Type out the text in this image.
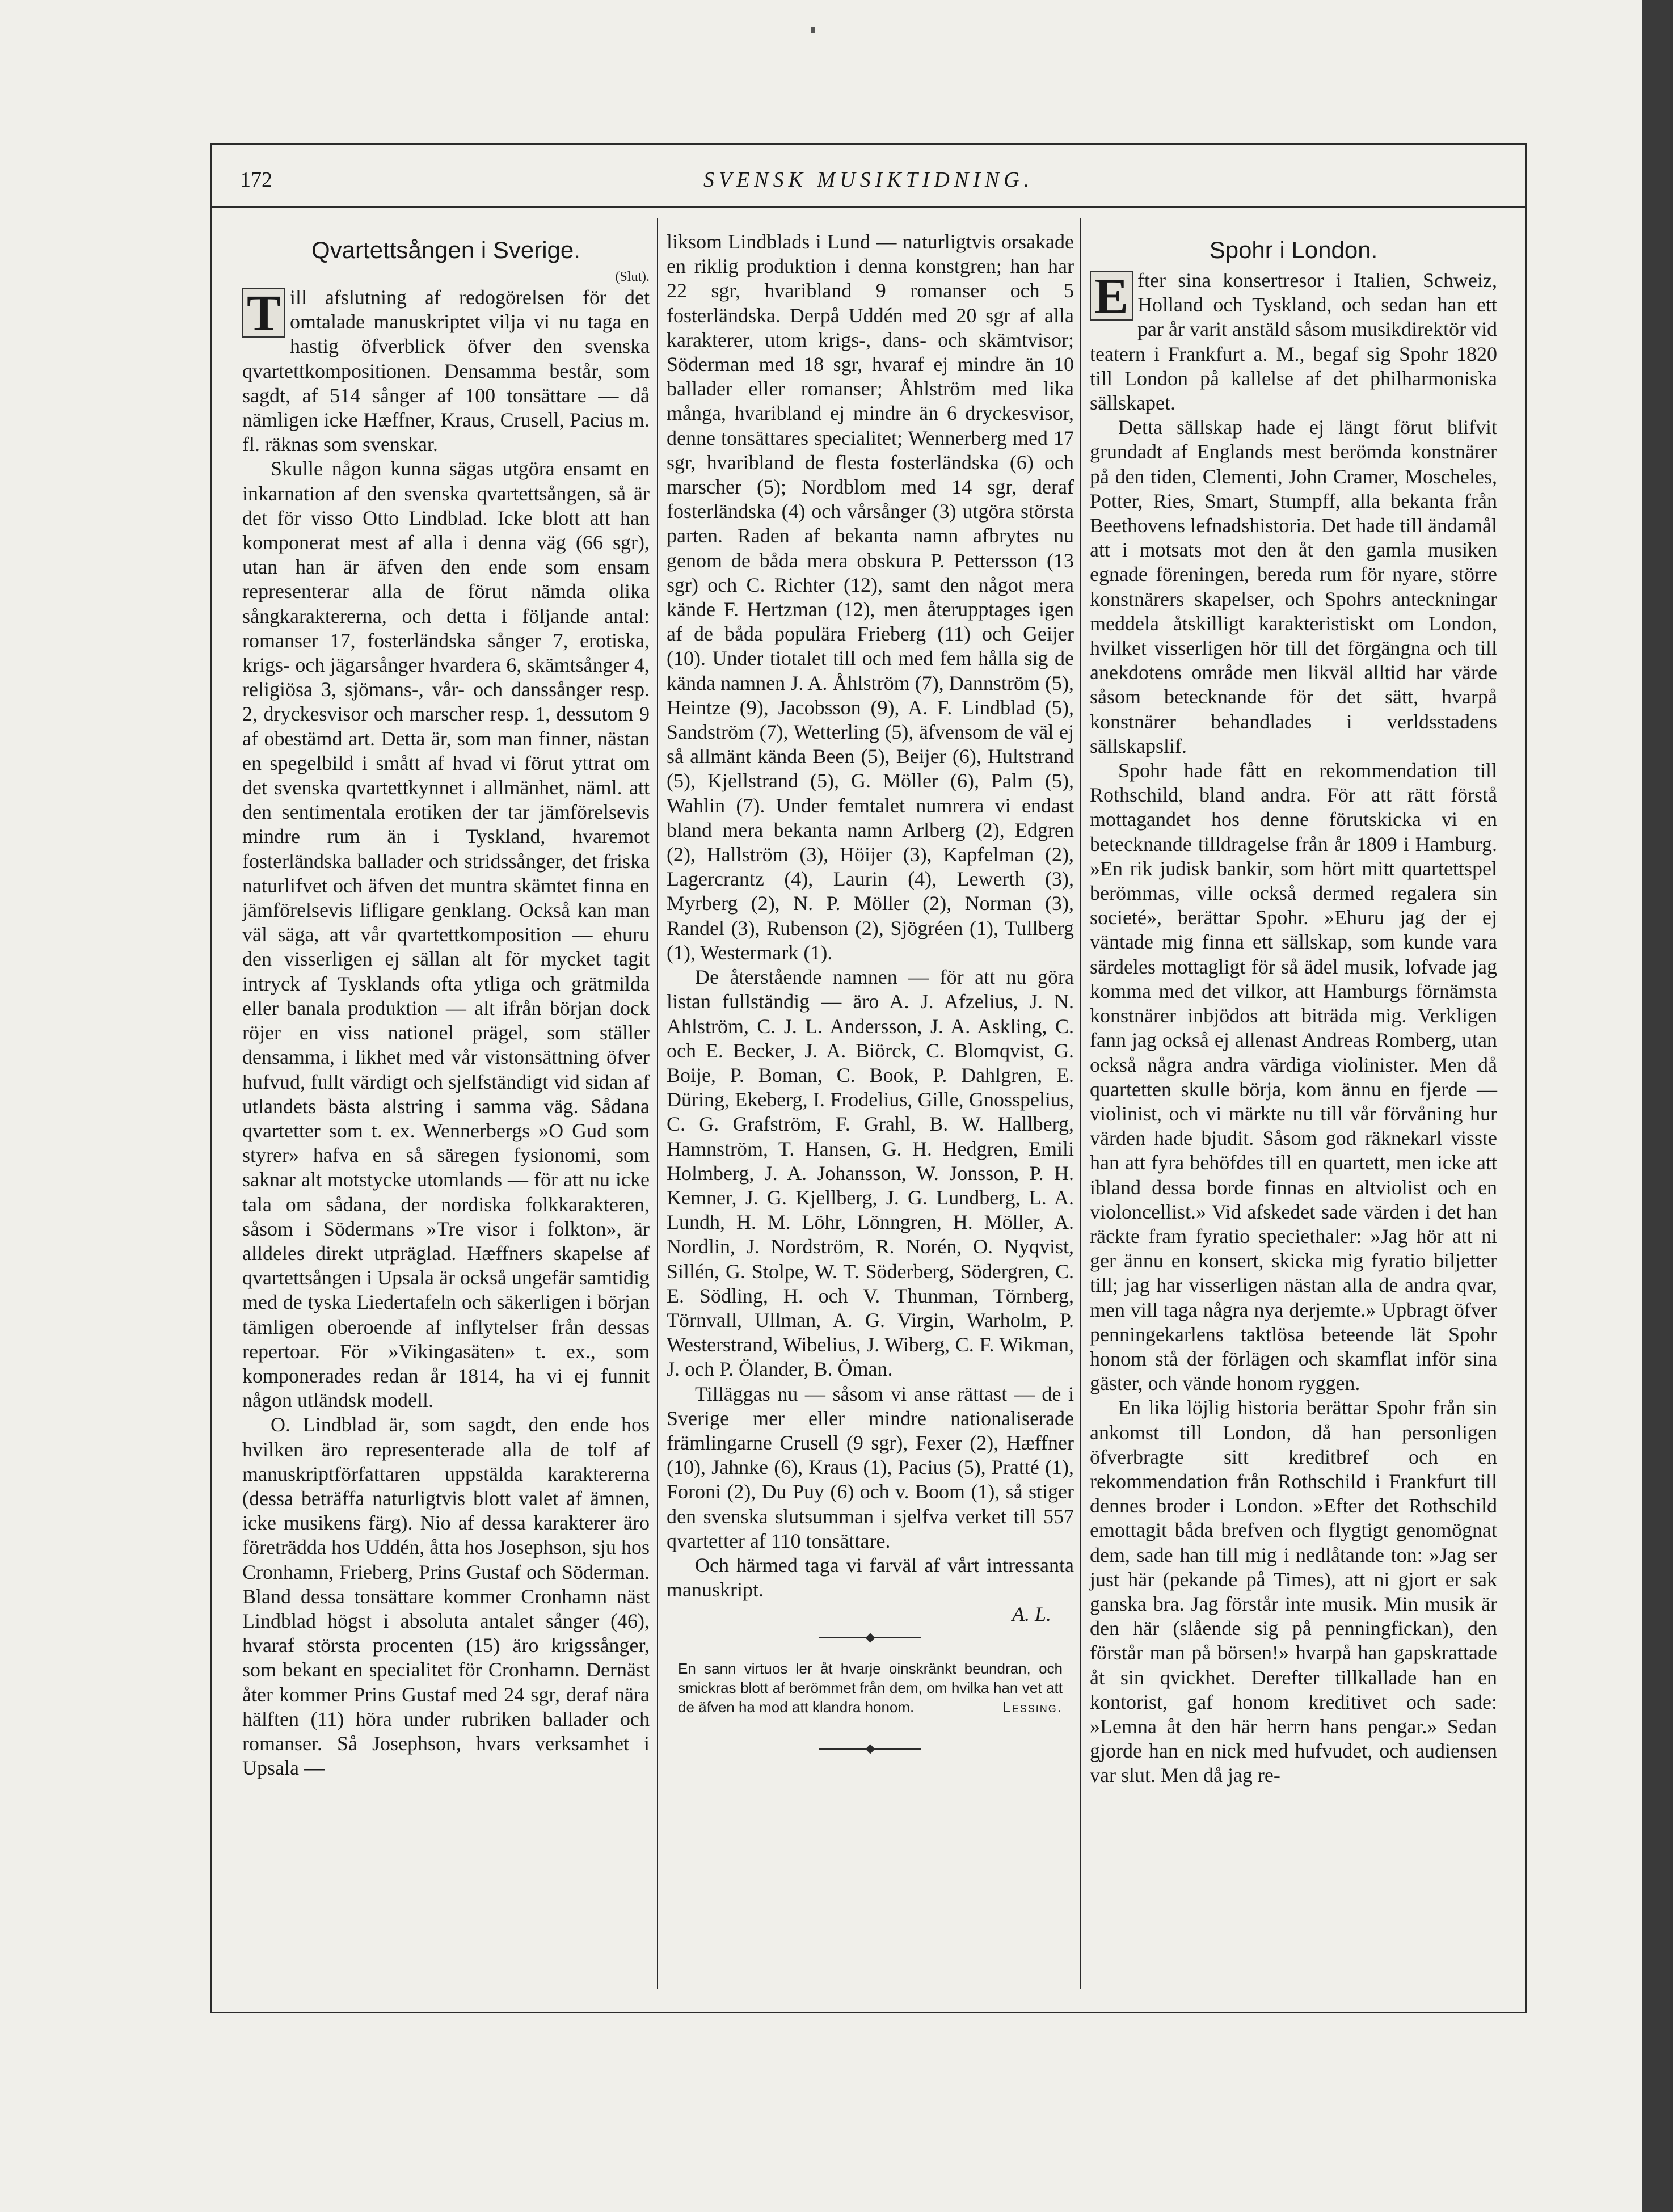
172	SVENSK MUSIKTIDNING.
Qvartettsången i Sverige.

(Slut).

T ill afslutning af redogörelsen för det omtalade manuskriptet vilja vi nu taga en hastig öfverblick öfver den svenska qvartettkompositionen. Densamma består, som sagdt, af 514 sånger af 100 tonsättare — då nämligen icke Hæffner, Kraus, Crusell, Pacius m. fl. räknas som svenskar.

Skulle någon kunna sägas utgöra ensamt en inkarnation af den svenska qvartettsången, så är det för visso Otto Lindblad. Icke blott att han komponerat mest af alla i denna väg (66 sgr), utan han är äfven den ende som ensam representerar alla de förut nämda olika sångkaraktererna, och detta i följande antal: romanser 17, fosterländska sånger 7, erotiska, krigs- och jägarsånger hvardera 6, skämtsånger 4, religiösa 3, sjömans-, vår- och danssånger resp. 2, dryckesvisor och marscher resp. 1, dessutom 9 af obestämd art. Detta är, som man finner, nästan en spegelbild i smått af hvad vi förut yttrat om det svenska qvartettkynnet i allmänhet, näml. att den sentimentala erotiken der tar jämförelsevis mindre rum än i Tyskland, hvaremot fosterländska ballader och stridssånger, det friska naturlifvet och äfven det muntra skämtet finna en jämförelsevis lifligare genklang. Också kan man väl säga, att vår qvartettkomposition — ehuru den visserligen ej sällan alt för mycket tagit intryck af Tysklands ofta ytliga och grätmilda eller banala produktion — alt ifrån början dock röjer en viss nationel prägel, som ställer densamma, i likhet med vår vistonsättning öfver hufvud, fullt värdigt och sjelfständigt vid sidan af utlandets bästa alstring i samma väg. Sådana qvartetter som t. ex. Wennerbergs »O Gud som styrer» hafva en så säregen fysionomi, som saknar alt motstycke utomlands — för att nu icke tala om sådana, der nordiska folkkarakteren, såsom i Södermans »Tre visor i folkton», är alldeles direkt utpräglad. Hæffners skapelse af qvartettsången i Upsala är också ungefär samtidig med de tyska Liedertafeln och säkerligen i början tämligen oberoende af inflytelser från dessas repertoar. För »Vikingasäten» t. ex., som komponerades redan år 1814, ha vi ej funnit någon utländsk modell.

O. Lindblad är, som sagdt, den ende hos hvilken äro representerade alla de tolf af manuskriptförfattaren uppstälda karaktererna (dessa beträffa naturligtvis blott valet af ämnen, icke musikens färg). Nio af dessa karakterer äro företrädda hos Uddén, åtta hos Josephson, sju hos Cronhamn, Frieberg, Prins Gustaf och Söderman. Bland dessa tonsättare kommer Cronhamn näst Lindblad högst i absoluta antalet sånger (46), hvaraf största procenten (15) äro krigssånger, som bekant en specialitet för Cronhamn. Dernäst åter kommer Prins Gustaf med 24 sgr, deraf nära hälften (11) höra under rubriken ballader och romanser. Så Josephson, hvars verksamhet i Upsala —

liksom Lindblads i Lund — naturligtvis orsakade en riklig produktion i denna konstgren; han har 22 sgr, hvaribland 9 romanser och 5 fosterländska. Derpå Uddén med 20 sgr af alla karakterer, utom krigs-, dans- och skämtvisor; Söderman med 18 sgr, hvaraf ej mindre än 10 ballader eller romanser; Åhlström med lika många, hvaribland ej mindre än 6 dryckesvisor, denne tonsättares specialitet; Wennerberg med 17 sgr, hvaribland de flesta fosterländska (6) och marscher (5); Nordblom med 14 sgr, deraf fosterländska (4) och vårsånger (3) utgöra största parten. Raden af bekanta namn afbrytes nu genom de båda mera obskura P. Pettersson (13 sgr) och C. Richter (12), samt den något mera kände F. Hertzman (12), men återupptages igen af de båda populära Frieberg (11) och Geijer (10). Under tiotalet till och med fem hålla sig de kända namnen J. A. Åhlström (7), Dannström (5), Heintze (9), Jacobsson (9), A. F. Lindblad (5), Sandström (7), Wetterling (5), äfvensom de väl ej så allmänt kända Been (5), Beijer (6), Hultstrand (5), Kjellstrand (5), G. Möller (6), Palm (5), Wahlin (7). Under femtalet numrera vi endast bland mera bekanta namn Arlberg (2), Edgren (2), Hallström (3), Höijer (3), Kapfelman (2), Lagercrantz (4), Laurin (4), Lewerth (3), Myrberg (2), N. P. Möller (2), Norman (3), Randel (3), Rubenson (2), Sjögréen (1), Tullberg (1), Westermark (1).

De återstående namnen — för att nu göra listan fullständig — äro A. J. Afzelius, J. N. Ahlström, C. J. L. Andersson, J. A. Askling, C. och E. Becker, J. A. Biörck, C. Blomqvist, G. Boije, P. Boman, C. Book, P. Dahlgren, E. Düring, Ekeberg, I. Frodelius, Gille, Gnosspelius, C. G. Grafström, F. Grahl, B. W. Hallberg, Hamnström, T. Hansen, G. H. Hedgren, Emili Holmberg, J. A. Johansson, W. Jonsson, P. H. Kemner, J. G. Kjellberg, J. G. Lundberg, L. A. Lundh, H. M. Löhr, Lönngren, H. Möller, A. Nordlin, J. Nordström, R. Norén, O. Nyqvist, Sillén, G. Stolpe, W. T. Söderberg, Södergren, C. E. Södling, H. och V. Thunman, Törnberg, Törnvall, Ullman, A. G. Virgin, Warholm, P. Westerstrand, Wibelius, J. Wiberg, C. F. Wikman, J. och P. Ölander, B. Öman.

Tilläggas nu — såsom vi anse rättast — de i Sverige mer eller mindre nationaliserade främlingarne Crusell (9 sgr), Fexer (2), Hæffner (10), Jahnke (6), Kraus (1), Pacius (5), Pratté (1), Foroni (2), Du Puy (6) och v. Boom (1), så stiger den svenska slutsumman i sjelfva verket till 557 qvartetter af 110 tonsättare.

Och härmed taga vi farväl af vårt intressanta manuskript.

A. L.
En sann virtuos ler åt hvarje oinskränkt beundran, och smickras blott af berömmet från dem, om hvilka han vet att de äfven ha mod att klandra honom.	Lessing.
Spohr i London.

E fter sina konsertresor i Italien, Schweiz, Holland och Tyskland, och sedan han ett par år varit anstäld såsom musikdirektör vid teatern i Frankfurt a. M., begaf sig Spohr 1820 till London på kallelse af det philharmoniska sällskapet.

Detta sällskap hade ej längt förut blifvit grundadt af Englands mest berömda konstnärer på den tiden, Clementi, John Cramer, Moscheles, Potter, Ries, Smart, Stumpff, alla bekanta från Beethovens lefnadshistoria. Det hade till ändamål att i motsats mot den åt den gamla musiken egnade föreningen, bereda rum för nyare, större konstnärers skapelser, och Spohrs anteckningar meddela åtskilligt karakteristiskt om London, hvilket visserligen hör till det förgängna och till anekdotens område men likväl alltid har värde såsom betecknande för det sätt, hvarpå konstnärer behandlades i verldsstadens sällskapslif.

Spohr hade fått en rekommendation till Rothschild, bland andra. För att rätt förstå mottagandet hos denne förutskicka vi en betecknande tilldragelse från år 1809 i Hamburg. »En rik judisk bankir, som hört mitt quartettspel berömmas, ville också dermed regalera sin societé», berättar Spohr. »Ehuru jag der ej väntade mig finna ett sällskap, som kunde vara särdeles mottagligt för så ädel musik, lofvade jag komma med det vilkor, att Hamburgs förnämsta konstnärer inbjödos att biträda mig. Verkligen fann jag också ej allenast Andreas Romberg, utan också några andra värdiga violinister. Men då quartetten skulle börja, kom ännu en fjerde — violinist, och vi märkte nu till vår förvåning hur värden hade bjudit. Såsom god räknekarl visste han att fyra behöfdes till en quartett, men icke att ibland dessa borde finnas en altviolist och en violoncellist.» Vid afskedet sade värden i det han räckte fram fyratio speciethaler: »Jag hör att ni ger ännu en konsert, skicka mig fyratio biljetter till; jag har visserligen nästan alla de andra qvar, men vill taga några nya derjemte.» Upbragt öfver penningekarlens taktlösa beteende lät Spohr honom stå der förlägen och skamflat inför sina gäster, och vände honom ryggen.

En lika löjlig historia berättar Spohr från sin ankomst till London, då han personligen öfverbragte sitt kreditbref och en rekommendation från Rothschild i Frankfurt till dennes broder i London. »Efter det Rothschild emottagit båda brefven och flygtigt genomögnat dem, sade han till mig i nedlåtande ton: »Jag ser just här (pekande på Times), att ni gjort er sak ganska bra. Jag förstår inte musik. Min musik är den här (slående sig på penningfickan), den förstår man på börsen!» hvarpå han gapskrattade åt sin qvickhet. Derefter tillkallade han en kontorist, gaf honom kreditivet och sade: »Lemna åt den här herrn hans pengar.» Sedan gjorde han en nick med hufvudet, och audiensen var slut. Men då jag re-
